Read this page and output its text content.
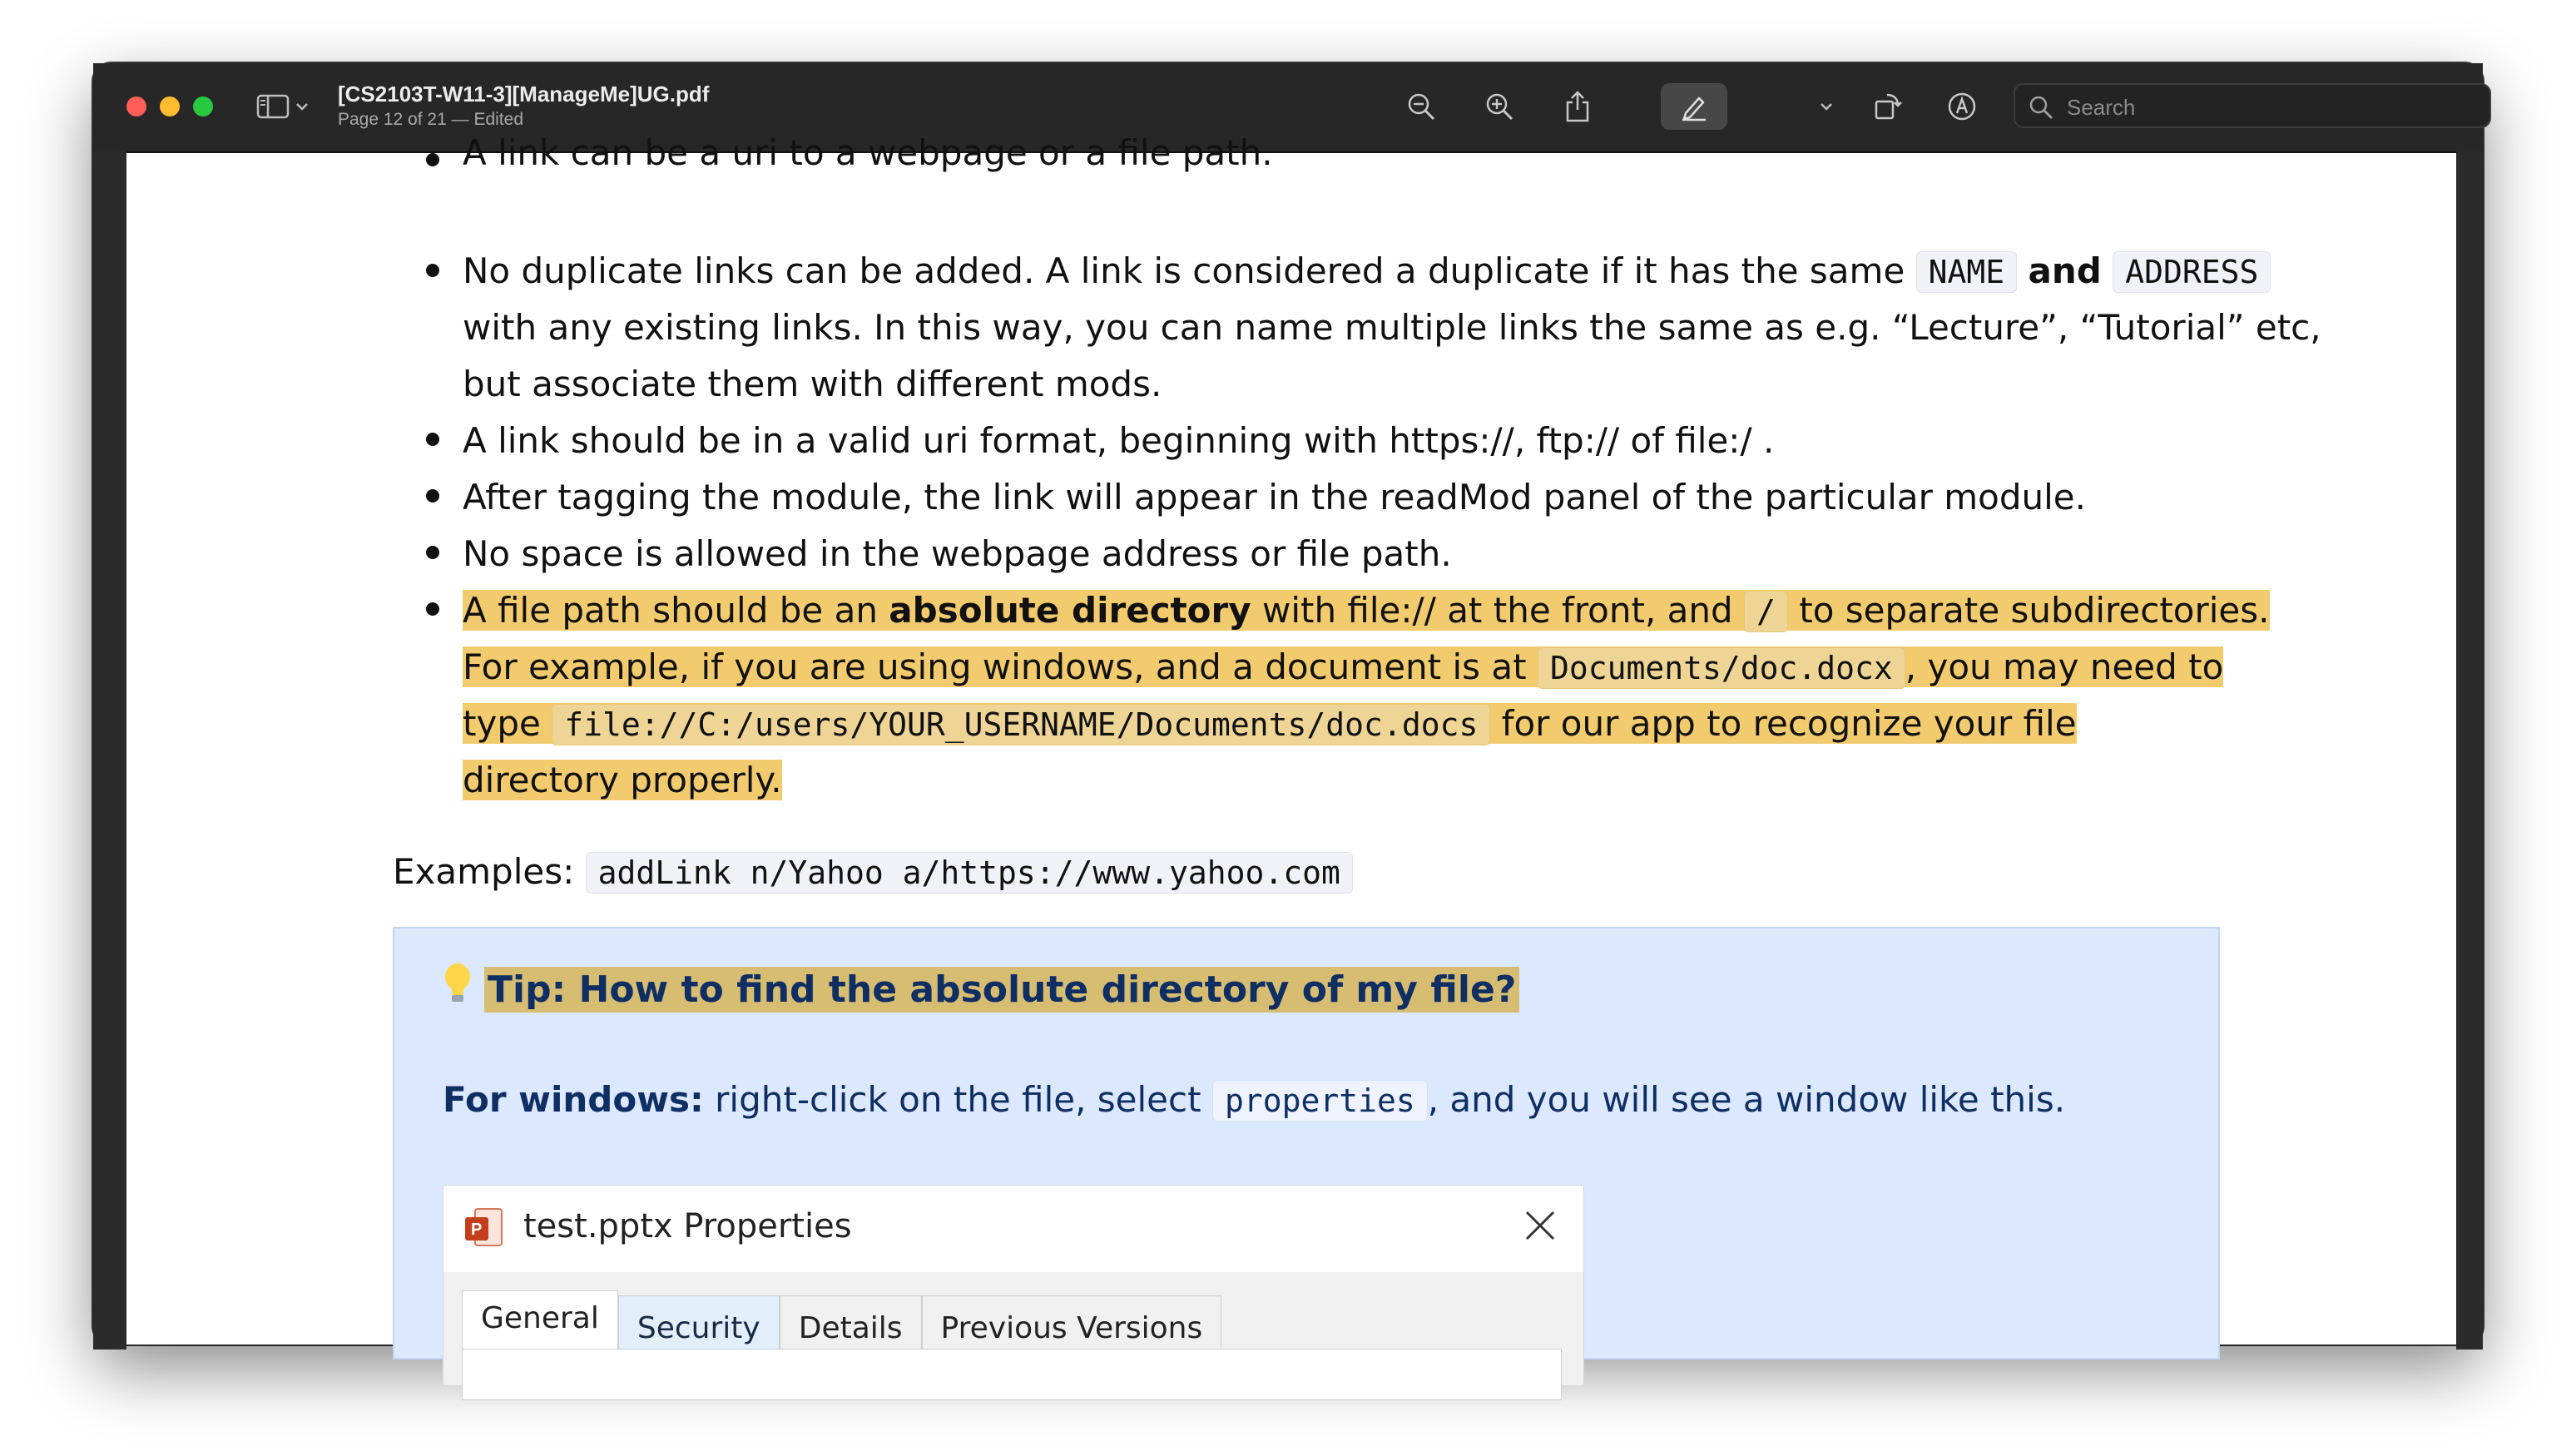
[CS2103T-W11-3][ManageMe]UG.pdf
Page 12 of 21 — Edited
Search
A link can be a uri to a webpage or a file path.
No duplicate links can be added. A link is considered a duplicate if it has the same NAME and ADDRESS
with any existing links. In this way, you can name multiple links the same as e.g. “Lecture”, “Tutorial” etc,
but associate them with different mods.
A link should be in a valid uri format, beginning with https://, ftp:// of file:/ .
After tagging the module, the link will appear in the readMod panel of the particular module.
No space is allowed in the webpage address or file path.
A file path should be an absolute directory with file:// at the front, and / to separate subdirectories.
For example, if you are using windows, and a document is at Documents/doc.docx , you may need to
type file://C:/users/YOUR_USERNAME/Documents/doc.docs for our app to recognize your file
directory properly.
Examples: addLink n/Yahoo a/https://www.yahoo.com
Tip: How to find the absolute directory of my file?
For windows: right-click on the file, select properties , and you will see a window like this.
P test.pptx Properties
General	Security	Details	Previous Versions
